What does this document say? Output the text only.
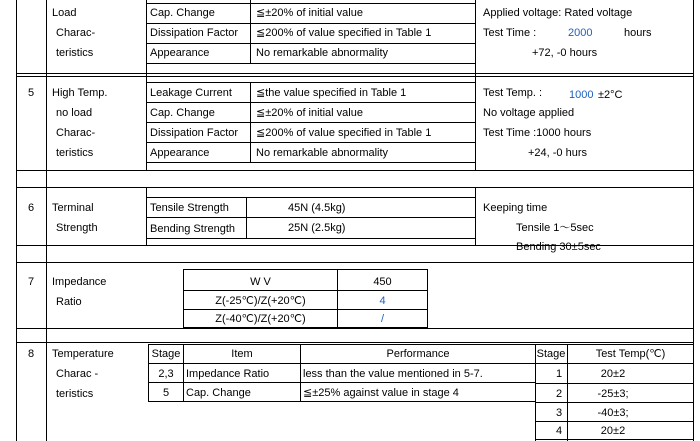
Load
Charac-
teristics
Cap. Change	≦±20% of initial value
Dissipation Factor ≦200% of value specified in Table 1
Appearance	No remarkable abnormality
Applied voltage: Rated voltage
Test Time :	2000	hours
+72, -0 hours
5 High Temp.
no load
Charac-
teristics
Leakage Current ≦the value specified in Table 1
Cap. Change	≦±20% of initial value
Dissipation Factor ≦200% of value specified in Table 1
Appearance	No remarkable abnormality
Test Temp. : 1000 ±2°C
No voltage applied
Test Time :1000 hours
+24, -0 hurs
6 Terminal
Strength
Tensile Strength	45N (4.5kg)
Bending Strength	25N (2.5kg)
Keeping time
Tensile 1～5sec
Bending 30±5sec
7 Impedance
Ratio
W V	450
Z(-25℃)/Z(+20℃)	4
Z(-40℃)/Z(+20℃)	/
8 Temperature
Charac -
teristics
Stage	Item	Performance
2,3	Impedance Ratio	less than the value mentioned in 5-7.
5	Cap. Change	≦±25% against value in stage 4
Stage	Test Temp(℃)
1	20±2
2	-25±3;
3	-40±3;
4	20±2
